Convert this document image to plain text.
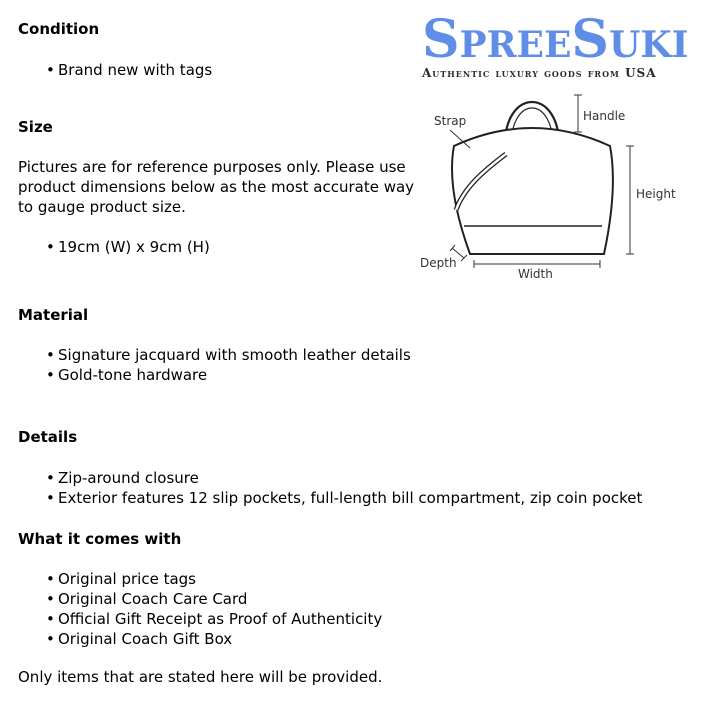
Condition
• Brand new with tags
Size
Pictures are for reference purposes only. Please use product dimensions below as the most accurate way to gauge product size.
• 19cm (W) x 9cm (H)
Material
• Signature jacquard with smooth leather details
• Gold-tone hardware
Details
• Zip-around closure
• Exterior features 12 slip pockets, full-length bill compartment, zip coin pocket
What it comes with
• Original price tags
• Original Coach Care Card
• Official Gift Receipt as Proof of Authenticity
• Original Coach Gift Box
Only items that are stated here will be provided.
SpreeSuki
Authentic luxury goods from USA
Strap	Handle
Height
Depth
Width
